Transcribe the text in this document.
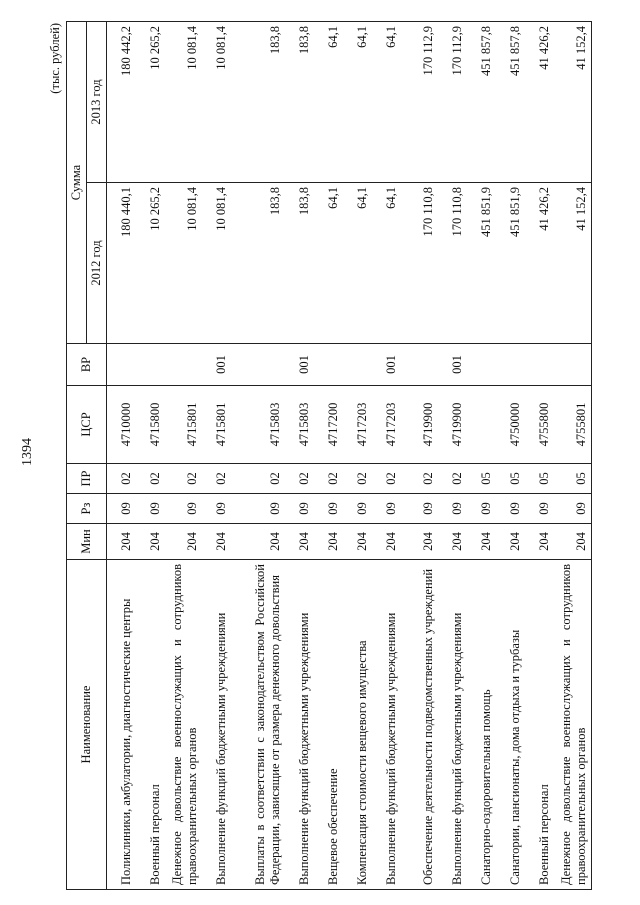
1394
(тыс. рублей)
Наименование	Мин	Рз	ПР	ЦСР	ВР	Сумма	
						2012 год	2013 год
Поликлиники, амбулатории, диагностические центры	204	09	02	4710000		180 440,1	180 442,2
Военный персонал	204	09	02	4715800		10 265,2	10 265,2
Денежное довольствие военнослужащих и сотрудников правоохранительных органов	204	09	02	4715801		10 081,4	10 081,4
Выполнение функций бюджетными учреждениями	204	09	02	4715801	001	10 081,4	10 081,4
Выплаты в соответствии с законодательством Российской Федерации, зависящие от размера денежного довольствия	204	09	02	4715803		183,8	183,8
Выполнение функций бюджетными учреждениями	204	09	02	4715803	001	183,8	183,8
Вещевое обеспечение	204	09	02	4717200		64,1	64,1
Компенсация стоимости вещевого имущества	204	09	02	4717203		64,1	64,1
Выполнение функций бюджетными учреждениями	204	09	02	4717203	001	64,1	64,1
Обеспечение деятельности подведомственных учреждений	204	09	02	4719900		170 110,8	170 112,9
Выполнение функций бюджетными учреждениями	204	09	02	4719900	001	170 110,8	170 112,9
Санаторно-оздоровительная помощь	204	09	05			451 851,9	451 857,8
Санатории, пансионаты, дома отдыха и турбазы	204	09	05	4750000		451 851,9	451 857,8
Военный персонал	204	09	05	4755800		41 426,2	41 426,2
Денежное довольствие военнослужащих и сотрудников правоохранительных органов	204	09	05	4755801		41 152,4	41 152,4
